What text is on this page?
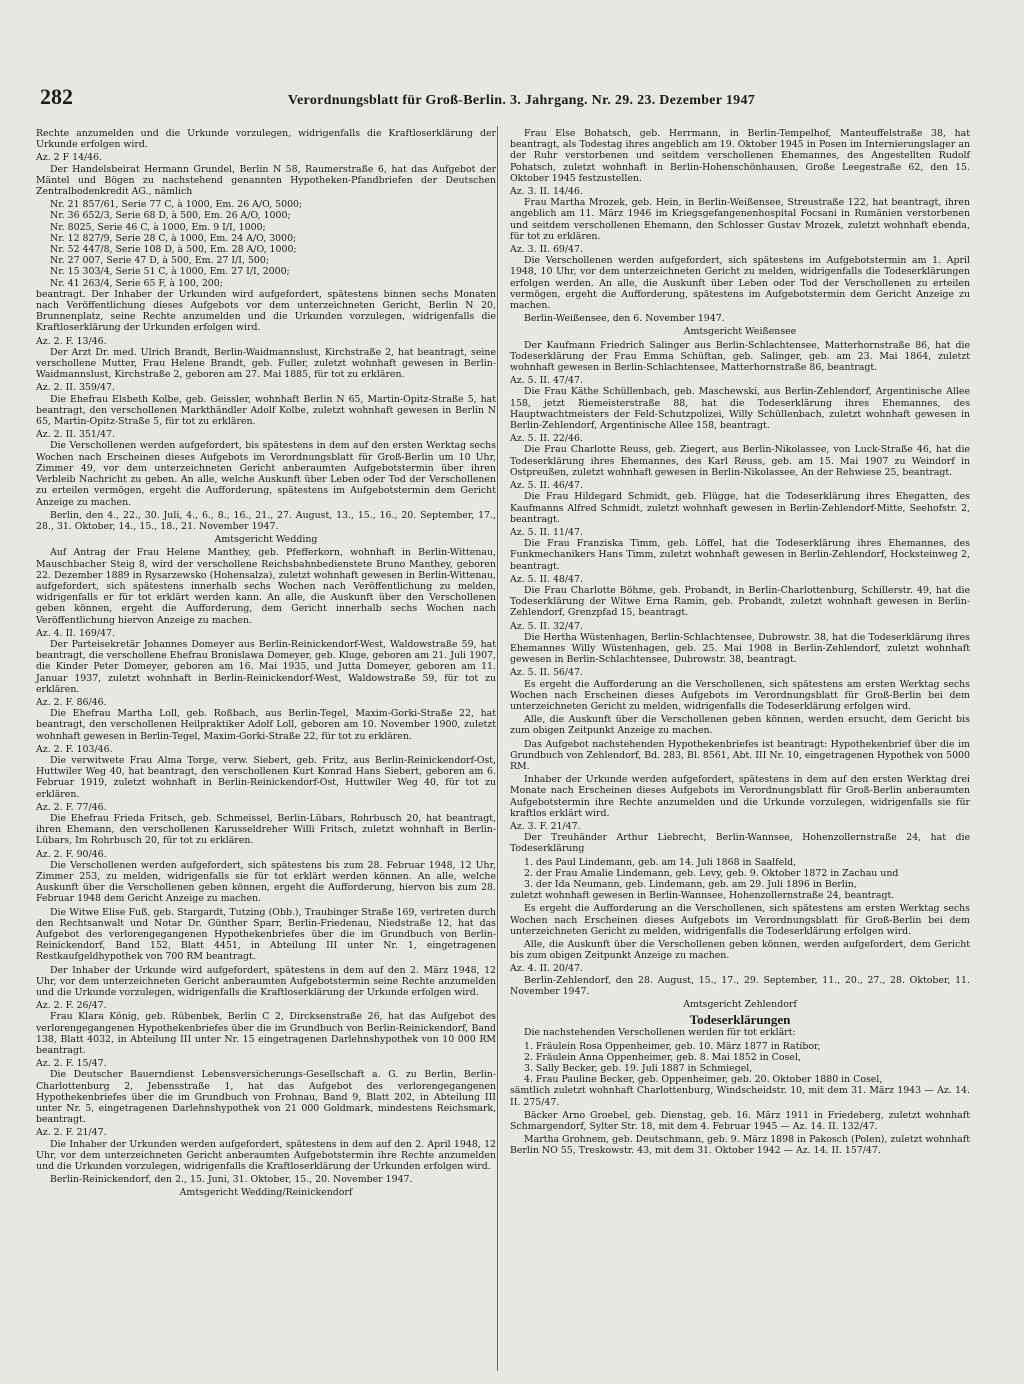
282	Verordnungsblatt für Groß-Berlin. 3. Jahrgang. Nr. 29. 23. Dezember 1947

Rechte anzumelden und die Urkunde vorzulegen, widrigenfalls die Kraftloserklärung der Urkunde erfolgen wird.

Az. 2 F 14/46.

Der Handelsbeirat Hermann Grundel, Berlin N 58, Raumerstraße 6, hat das Aufgebot der Mäntel und Bögen zu nachstehend genannten Hypotheken-Pfandbriefen der Deutschen Zentralbodenkredit AG., nämlich

Nr. 21 857/61, Serie 77 C, à 1000, Em. 26 A/O, 5000;
Nr. 36 652/3, Serie 68 D, à 500, Em. 26 A/O, 1000;
Nr. 8025, Serie 46 C, à 1000, Em. 9 I/I, 1000;
Nr. 12 827/9, Serie 28 C, à 1000, Em. 24 A/O, 3000;
Nr. 52 447/8, Serie 108 D, à 500, Em. 28 A/O, 1000;
Nr. 27 007, Serie 47 D, à 500, Em. 27 I/I, 500;
Nr. 15 303/4, Serie 51 C, à 1000, Em. 27 I/I, 2000;
Nr. 41 263/4, Serie 65 F, à 100, 200;

beantragt. Der Inhaber der Urkunden wird aufgefordert, spätestens binnen sechs Monaten nach Veröffentlichung dieses Aufgebots vor dem unterzeichneten Gericht, Berlin N 20, Brunnenplatz, seine Rechte anzumelden und die Urkunden vorzulegen, widrigenfalls die Kraftloserklärung der Urkunden erfolgen wird.

Az. 2. F. 13/46.

Der Arzt Dr. med. Ulrich Brandt, Berlin-Waidmannslust, Kirchstraße 2, hat beantragt, seine verschollene Mutter, Frau Helene Brandt, geb. Fuller, zuletzt wohnhaft gewesen in Berlin-Waidmannslust, Kirchstraße 2, geboren am 27. Mai 1885, für tot zu erklären.

Az. 2. II. 359/47.

Die Ehefrau Elsbeth Kolbe, geb. Geissler, wohnhaft Berlin N 65, Martin-Opitz-Straße 5, hat beantragt, den verschollenen Markthändler Adolf Kolbe, zuletzt wohnhaft gewesen in Berlin N 65, Martin-Opitz-Straße 5, für tot zu erklären.

Az. 2. II. 351/47.

Die Verschollenen werden aufgefordert, bis spätestens in dem auf den ersten Werktag sechs Wochen nach Erscheinen dieses Aufgebots im Verordnungsblatt für Groß-Berlin um 10 Uhr, Zimmer 49, vor dem unterzeichneten Gericht anberaumten Aufgebotstermin über ihren Verbleib Nachricht zu geben. An alle, welche Auskunft über Leben oder Tod der Verschollenen zu erteilen vermögen, ergeht die Aufforderung, spätestens im Aufgebotstermin dem Gericht Anzeige zu machen.

Berlin, den 4., 22., 30. Juli, 4., 6., 8., 16., 21., 27. August, 13., 15., 16., 20. September, 17., 28., 31. Oktober, 14., 15., 18., 21. November 1947.

Amtsgericht Wedding

Auf Antrag der Frau Helene Manthey, geb. Pfefferkorn, wohnhaft in Berlin-Wittenau, Mauschbacher Steig 8, wird der verschollene Reichsbahnbedienstete Bruno Manthey, geboren 22. Dezember 1889 in Rysarzewsko (Hohensalza), zuletzt wohnhaft gewesen in Berlin-Wittenau, aufgefordert, sich spätestens innerhalb sechs Wochen nach Veröffentlichung zu melden, widrigenfalls er für tot erklärt werden kann. An alle, die Auskunft über den Verschollenen geben können, ergeht die Aufforderung, dem Gericht innerhalb sechs Wochen nach Veröffentlichung hiervon Anzeige zu machen.

Az. 4. II. 169/47.

Der Parteisekretär Johannes Domeyer aus Berlin-Reinickendorf-West, Waldowstraße 59, hat beantragt, die verschollene Ehefrau Bronislawa Domeyer, geb. Kluge, geboren am 21. Juli 1907, die Kinder Peter Domeyer, geboren am 16. Mai 1935, und Jutta Domeyer, geboren am 11. Januar 1937, zuletzt wohnhaft in Berlin-Reinickendorf-West, Waldowstraße 59, für tot zu erklären.

Az. 2. F. 86/46.

Die Ehefrau Martha Loll, geb. Roßbach, aus Berlin-Tegel, Maxim-Gorki-Straße 22, hat beantragt, den verschollenen Heilpraktiker Adolf Loll, geboren am 10. November 1900, zuletzt wohnhaft gewesen in Berlin-Tegel, Maxim-Gorki-Straße 22, für tot zu erklären.

Az. 2. F. 103/46.

Die verwitwete Frau Alma Torge, verw. Siebert, geb. Fritz, aus Berlin-Reinickendorf-Ost, Huttwiler Weg 40, hat beantragt, den verschollenen Kurt Konrad Hans Siebert, geboren am 6. Februar 1919, zuletzt wohnhaft in Berlin-Reinickendorf-Ost, Huttwiler Weg 40, für tot zu erklären.

Az. 2. F. 77/46.

Die Ehefrau Frieda Fritsch, geb. Schmeissel, Berlin-Lübars, Rohrbusch 20, hat beantragt, ihren Ehemann, den verschollenen Karusseldreher Willi Fritsch, zuletzt wohnhaft in Berlin-Lübars, Im Rohrbusch 20, für tot zu erklären.

Az. 2. F. 90/46.

Die Verschollenen werden aufgefordert, sich spätestens bis zum 28. Februar 1948, 12 Uhr, Zimmer 253, zu melden, widrigenfalls sie für tot erklärt werden können. An alle, welche Auskunft über die Verschollenen geben können, ergeht die Aufforderung, hiervon bis zum 28. Februar 1948 dem Gericht Anzeige zu machen.

Die Witwe Elise Fuß, geb. Stargardt, Tutzing (Obb.), Traubinger Straße 169, vertreten durch den Rechtsanwalt und Notar Dr. Günther Sparr, Berlin-Friedenau, Niedstraße 12, hat das Aufgebot des verlorengegangenen Hypothekenbriefes über die im Grundbuch von Berlin-Reinickendorf, Band 152, Blatt 4451, in Abteilung III unter Nr. 1, eingetragenen Restkaufgeldhypothek von 700 RM beantragt.

Der Inhaber der Urkunde wird aufgefordert, spätestens in dem auf den 2. März 1948, 12 Uhr, vor dem unterzeichneten Gericht anberaumten Aufgebotstermin seine Rechte anzumelden und die Urkunde vorzulegen, widrigenfalls die Kraftloserklärung der Urkunde erfolgen wird.

Az. 2. F. 26/47.

Frau Klara König, geb. Rübenbek, Berlin C 2, Dircksenstraße 26, hat das Aufgebot des verlorengegangenen Hypothekenbriefes über die im Grundbuch von Berlin-Reinickendorf, Band 138, Blatt 4032, in Abteilung III unter Nr. 15 eingetragenen Darlehnshypothek von 10 000 RM beantragt.

Az. 2. F. 15/47.

Die Deutscher Bauerndienst Lebensversicherungs-Gesellschaft a. G. zu Berlin, Berlin-Charlottenburg 2, Jebensstraße 1, hat das Aufgebot des verlorengegangenen Hypothekenbriefes über die im Grundbuch von Frohnau, Band 9, Blatt 202, in Abteilung III unter Nr. 5, eingetragenen Darlehnshypothek von 21 000 Goldmark, mindestens Reichsmark, beantragt.

Az. 2. F. 21/47.

Die Inhaber der Urkunden werden aufgefordert, spätestens in dem auf den 2. April 1948, 12 Uhr, vor dem unterzeichneten Gericht anberaumten Aufgebotstermin ihre Rechte anzumelden und die Urkunden vorzulegen, widrigenfalls die Kraftloserklärung der Urkunden erfolgen wird.

Berlin-Reinickendorf, den 2., 15. Juni, 31. Oktober, 15., 20. November 1947.

Amtsgericht Wedding/Reinickendorf

Frau Else Bohatsch, geb. Herrmann, in Berlin-Tempelhof, Manteuffelstraße 38, hat beantragt, als Todestag ihres angeblich am 19. Oktober 1945 in Posen im Internierungslager an der Ruhr verstorbenen und seitdem verschollenen Ehemannes, des Angestellten Rudolf Pohatsch, zuletzt wohnhaft in Berlin-Hohenschönhausen, Große Leegestraße 62, den 15. Oktober 1945 festzustellen.

Az. 3. II. 14/46.

Frau Martha Mrozek, geb. Hein, in Berlin-Weißensee, Streustraße 122, hat beantragt, ihren angeblich am 11. März 1946 im Kriegsgefangenenhospital Focsani in Rumänien verstorbenen und seitdem verschollenen Ehemann, den Schlosser Gustav Mrozek, zuletzt wohnhaft ebenda, für tot zu erklären.

Az. 3. II. 69/47.

Die Verschollenen werden aufgefordert, sich spätestens im Aufgebotstermin am 1. April 1948, 10 Uhr, vor dem unterzeichneten Gericht zu melden, widrigenfalls die Todeserklärungen erfolgen werden. An alle, die Auskunft über Leben oder Tod der Verschollenen zu erteilen vermögen, ergeht die Aufforderung, spätestens im Aufgebotstermin dem Gericht Anzeige zu machen.

Berlin-Weißensee, den 6. November 1947.

Amtsgericht Weißensee

Der Kaufmann Friedrich Salinger aus Berlin-Schlachtensee, Matterhornstraße 86, hat die Todeserklärung der Frau Emma Schüftan, geb. Salinger, geb. am 23. Mai 1864, zuletzt wohnhaft gewesen in Berlin-Schlachtensee, Matterhornstraße 86, beantragt.

Az. 5. II. 47/47.

Die Frau Käthe Schüllenbach, geb. Maschewski, aus Berlin-Zehlendorf, Argentinische Allee 158, jetzt Riemeisterstraße 88, hat die Todeserklärung ihres Ehemannes, des Hauptwachtmeisters der Feld-Schutzpolizei, Willy Schüllenbach, zuletzt wohnhaft gewesen in Berlin-Zehlendorf, Argentinische Allee 158, beantragt.

Az. 5. II. 22/46.

Die Frau Charlotte Reuss, geb. Ziegert, aus Berlin-Nikolassee, von Luck-Straße 46, hat die Todeserklärung ihres Ehemannes, des Karl Reuss, geb. am 15. Mai 1907 zu Weindorf in Ostpreußen, zuletzt wohnhaft gewesen in Berlin-Nikolassee, An der Rehwiese 25, beantragt.

Az. 5. II. 46/47.

Die Frau Hildegard Schmidt, geb. Flügge, hat die Todeserklärung ihres Ehegatten, des Kaufmanns Alfred Schmidt, zuletzt wohnhaft gewesen in Berlin-Zehlendorf-Mitte, Seehofstr. 2, beantragt.

Az. 5. II. 11/47.

Die Frau Franziska Timm, geb. Löffel, hat die Todeserklärung ihres Ehemannes, des Funkmechanikers Hans Timm, zuletzt wohnhaft gewesen in Berlin-Zehlendorf, Hocksteinweg 2, beantragt.

Az. 5. II. 48/47.

Die Frau Charlotte Böhme, geb. Probandt, in Berlin-Charlottenburg, Schillerstr. 49, hat die Todeserklärung der Witwe Erna Ramin, geb. Probandt, zuletzt wohnhaft gewesen in Berlin-Zehlendorf, Grenzpfad 15, beantragt.

Az. 5. II. 32/47.

Die Hertha Wüstenhagen, Berlin-Schlachtensee, Dubrowstr. 38, hat die Todeserklärung ihres Ehemannes Willy Wüstenhagen, geb. 25. Mai 1908 in Berlin-Zehlendorf, zuletzt wohnhaft gewesen in Berlin-Schlachtensee, Dubrowstr. 38, beantragt.

Az. 5. II. 56/47.

Es ergeht die Aufforderung an die Verschollenen, sich spätestens am ersten Werktag sechs Wochen nach Erscheinen dieses Aufgebots im Verordnungsblatt für Groß-Berlin bei dem unterzeichneten Gericht zu melden, widrigenfalls die Todeserklärung erfolgen wird.

Alle, die Auskunft über die Verschollenen geben können, werden ersucht, dem Gericht bis zum obigen Zeitpunkt Anzeige zu machen.

Das Aufgebot nachstehenden Hypothekenbriefes ist beantragt: Hypothekenbrief über die im Grundbuch von Zehlendorf, Bd. 283, Bl. 8561, Abt. III Nr. 10, eingetragenen Hypothek von 5000 RM.

Inhaber der Urkunde werden aufgefordert, spätestens in dem auf den ersten Werktag drei Monate nach Erscheinen dieses Aufgebots im Verordnungsblatt für Groß-Berlin anberaumten Aufgebotstermin ihre Rechte anzumelden und die Urkunde vorzulegen, widrigenfalls sie für kraftlos erklärt wird.

Az. 3. F. 21/47.

Der Treuhänder Arthur Liebrecht, Berlin-Wannsee, Hohenzollernstraße 24, hat die Todeserklärung

1. des Paul Lindemann, geb. am 14. Juli 1868 in Saalfeld,
2. der Frau Amalie Lindemann, geb. Levy, geb. 9. Oktober 1872 in Zachau und
3. der Ida Neumann, geb. Lindemann, geb. am 29. Juli 1896 in Berlin,

zuletzt wohnhaft gewesen in Berlin-Wannsee, Hohenzollernstraße 24, beantragt.

Es ergeht die Aufforderung an die Verschollenen, sich spätestens am ersten Werktag sechs Wochen nach Erscheinen dieses Aufgebots im Verordnungsblatt für Groß-Berlin bei dem unterzeichneten Gericht zu melden, widrigenfalls die Todeserklärung erfolgen wird.

Alle, die Auskunft über die Verschollenen geben können, werden aufgefordert, dem Gericht bis zum obigen Zeitpunkt Anzeige zu machen.

Az. 4. II. 20/47.

Berlin-Zehlendorf, den 28. August, 15., 17., 29. September, 11., 20., 27., 28. Oktober, 11. November 1947.

Amtsgericht Zehlendorf
Todeserklärungen

Die nachstehenden Verschollenen werden für tot erklärt:

1. Fräulein Rosa Oppenheimer, geb. 10. März 1877 in Ratibor,
2. Fräulein Anna Oppenheimer, geb. 8. Mai 1852 in Cosel,
3. Sally Becker, geb. 19. Juli 1887 in Schmiegel,
4. Frau Pauline Becker, geb. Oppenheimer, geb. 20. Oktober 1880 in Cosel,

sämtlich zuletzt wohnhaft Charlottenburg, Windscheidstr. 10, mit dem 31. März 1943 — Az. 14. II. 275/47.

Bäcker Arno Groebel, geb. Dienstag, geb. 16. März 1911 in Friedeberg, zuletzt wohnhaft Schmargendorf, Sylter Str. 18, mit dem 4. Februar 1945 — Az. 14. II. 132/47.

Martha Grohnem, geb. Deutschmann, geb. 9. März 1898 in Pakosch (Polen), zuletzt wohnhaft Berlin NO 55, Treskowstr. 43, mit dem 31. Oktober 1942 — Az. 14. II. 157/47.
